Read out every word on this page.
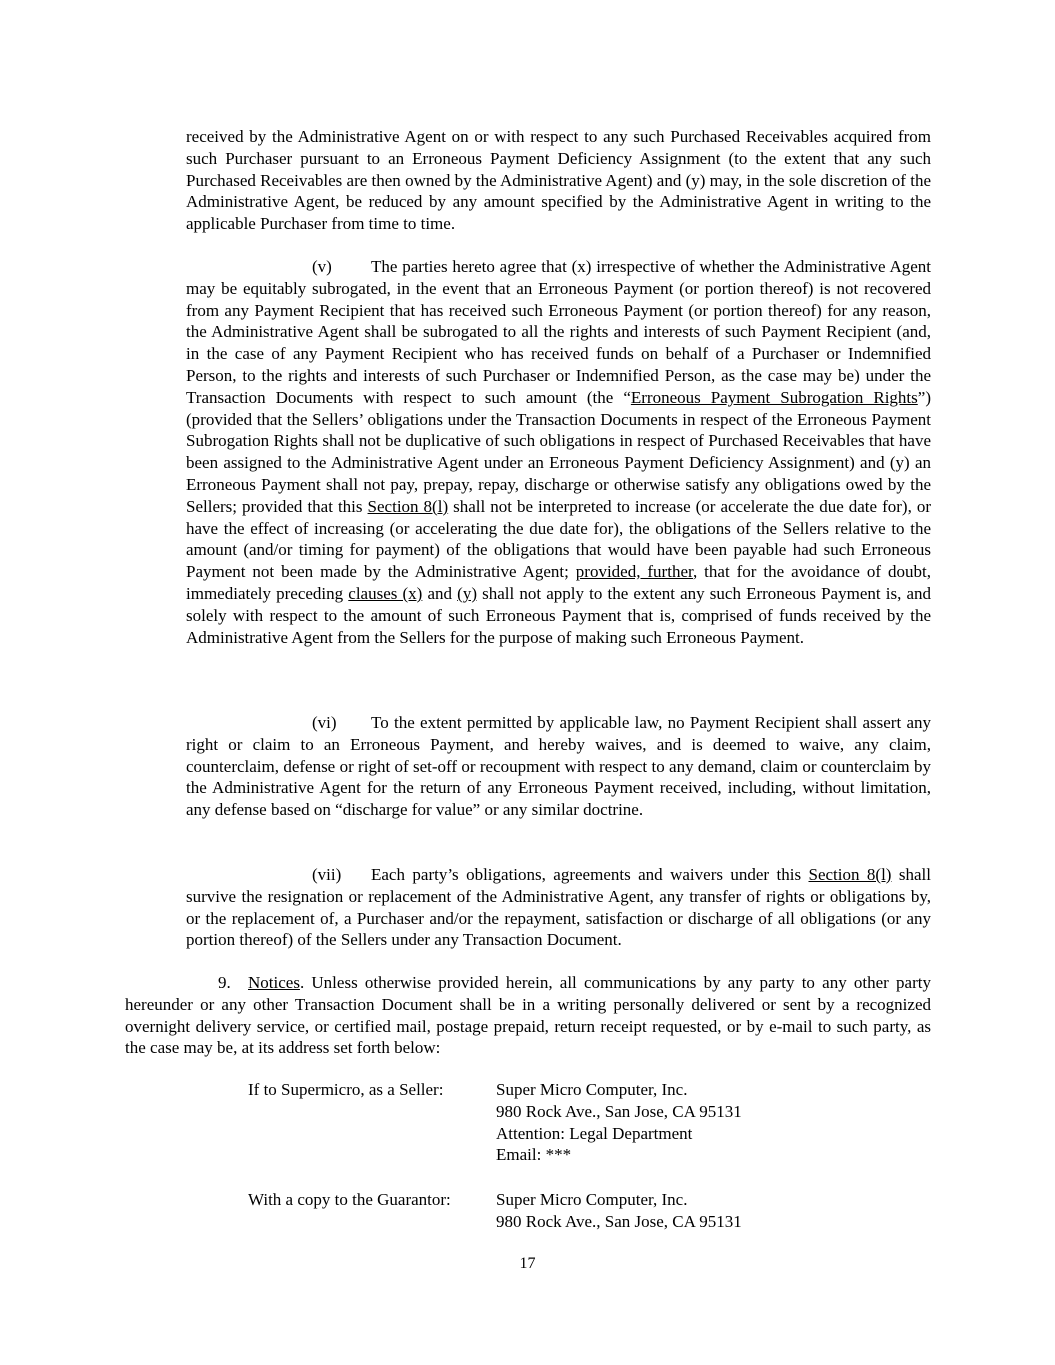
received by the Administrative Agent on or with respect to any such Purchased Receivables acquired from such Purchaser pursuant to an Erroneous Payment Deficiency Assignment (to the extent that any such Purchased Receivables are then owned by the Administrative Agent) and (y) may, in the sole discretion of the Administrative Agent, be reduced by any amount specified by the Administrative Agent in writing to the applicable Purchaser from time to time.

(v) The parties hereto agree that (x) irrespective of whether the Administrative Agent may be equitably subrogated, in the event that an Erroneous Payment (or portion thereof) is not recovered from any Payment Recipient that has received such Erroneous Payment (or portion thereof) for any reason, the Administrative Agent shall be subrogated to all the rights and interests of such Payment Recipient (and, in the case of any Payment Recipient who has received funds on behalf of a Purchaser or Indemnified Person, to the rights and interests of such Purchaser or Indemnified Person, as the case may be) under the Transaction Documents with respect to such amount (the “Erroneous Payment Subrogation Rights”) (provided that the Sellers’ obligations under the Transaction Documents in respect of the Erroneous Payment Subrogation Rights shall not be duplicative of such obligations in respect of Purchased Receivables that have been assigned to the Administrative Agent under an Erroneous Payment Deficiency Assignment) and (y) an Erroneous Payment shall not pay, prepay, repay, discharge or otherwise satisfy any obligations owed by the Sellers; provided that this Section 8(l) shall not be interpreted to increase (or accelerate the due date for), or have the effect of increasing (or accelerating the due date for), the obligations of the Sellers relative to the amount (and/or timing for payment) of the obligations that would have been payable had such Erroneous Payment not been made by the Administrative Agent; provided, further, that for the avoidance of doubt, immediately preceding clauses (x) and (y) shall not apply to the extent any such Erroneous Payment is, and solely with respect to the amount of such Erroneous Payment that is, comprised of funds received by the Administrative Agent from the Sellers for the purpose of making such Erroneous Payment.

(vi) To the extent permitted by applicable law, no Payment Recipient shall assert any right or claim to an Erroneous Payment, and hereby waives, and is deemed to waive, any claim, counterclaim, defense or right of set-off or recoupment with respect to any demand, claim or counterclaim by the Administrative Agent for the return of any Erroneous Payment received, including, without limitation, any defense based on “discharge for value” or any similar doctrine.

(vii) Each party’s obligations, agreements and waivers under this Section 8(l) shall survive the resignation or replacement of the Administrative Agent, any transfer of rights or obligations by, or the replacement of, a Purchaser and/or the repayment, satisfaction or discharge of all obligations (or any portion thereof) of the Sellers under any Transaction Document.

9. Notices. Unless otherwise provided herein, all communications by any party to any other party hereunder or any other Transaction Document shall be in a writing personally delivered or sent by a recognized overnight delivery service, or certified mail, postage prepaid, return receipt requested, or by e-mail to such party, as the case may be, at its address set forth below:

If to Supermicro, as a Seller:	Super Micro Computer, Inc.
980 Rock Ave., San Jose, CA 95131
Attention: Legal Department
Email: ***
With a copy to the Guarantor:	Super Micro Computer, Inc.
980 Rock Ave., San Jose, CA 95131
17
